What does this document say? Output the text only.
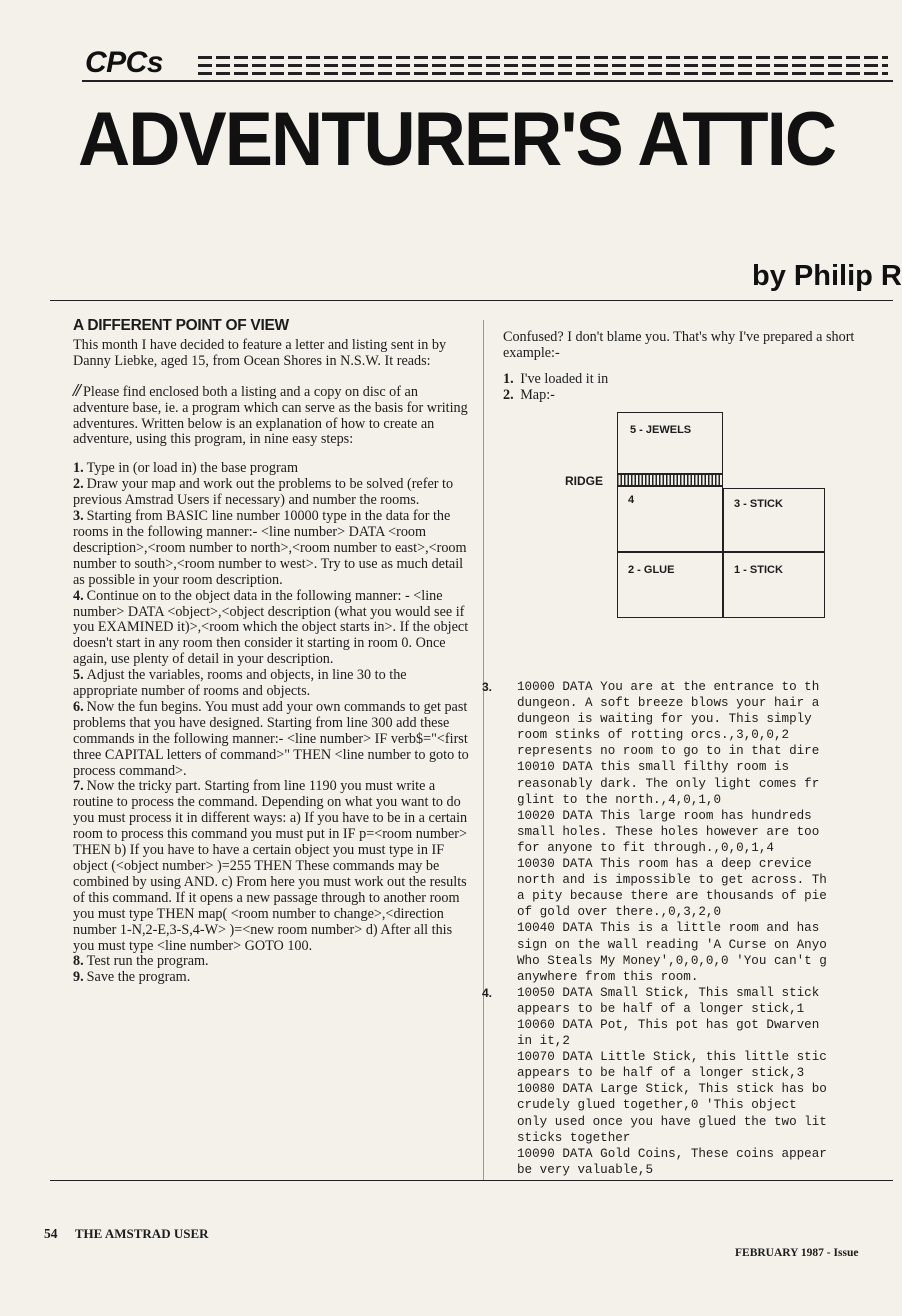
CPCs
ADVENTURER'S ATTIC
by Philip R
A DIFFERENT POINT OF VIEW

This month I have decided to feature a letter and listing sent in by Danny Liebke, aged 15, from Ocean Shores in N.S.W. It reads:

// Please find enclosed both a listing and a copy on disc of an adventure base, ie. a program which can serve as the basis for writing adventures. Written below is an explanation of how to create an adventure, using this program, in nine easy steps:

1. Type in (or load in) the base program
2. Draw your map and work out the problems to be solved (refer to previous Amstrad Users if necessary) and number the rooms.
3. Starting from BASIC line number 10000 type in the data for the rooms in the following manner:- <line number> DATA <room description>,<room number to north>,<room number to east>,<room number to south>,<room number to west>. Try to use as much detail as possible in your room description.
4. Continue on to the object data in the following manner: - <line number> DATA <object>,<object description (what you would see if you EXAMINED it)>,<room which the object starts in>. If the object doesn't start in any room then consider it starting in room 0. Once again, use plenty of detail in your description.
5. Adjust the variables, rooms and objects, in line 30 to the appropriate number of rooms and objects.
6. Now the fun begins. You must add your own commands to get past problems that you have designed. Starting from line 300 add these commands in the following manner:- <line number> IF verb$="<first three CAPITAL letters of command>" THEN <line number to goto to process command>.
7. Now the tricky part. Starting from line 1190 you must write a routine to process the command. Depending on what you want to do you must process it in different ways: a) If you have to be in a certain room to process this command you must put in IF p=<room number> THEN b) If you have to have a certain object you must type in IF object (<object number> )=255 THEN These commands may be combined by using AND. c) From here you must work out the results of this command. If it opens a new passage through to another room you must type THEN map( <room number to change>,<direction number 1-N,2-E,3-S,4-W> )=<new room number> d) After all this you must type <line number> GOTO 100.
8. Test run the program.
9. Save the program.

Confused? I don't blame you. That's why I've prepared a short example:-

1. I've loaded it in
2. Map:-
5 - JEWELS
RIDGE
4	3 - STICK
2 - GLUE	1 - STICK
3.	10000 DATA You are at the entrance to th
dungeon. A soft breeze blows your hair a
dungeon is waiting for you. This simply
room stinks of rotting orcs.,3,0,0,2
represents no room to go to in that dire
10010 DATA this small filthy room is
reasonably dark. The only light comes fr
glint to the north.,4,0,1,0
10020 DATA This large room has hundreds
small holes. These holes however are too
for anyone to fit through.,0,0,1,4
10030 DATA This room has a deep crevice
north and is impossible to get across. Th
a pity because there are thousands of pie
of gold over there.,0,3,2,0
10040 DATA This is a little room and has
sign on the wall reading 'A Curse on Anyo
Who Steals My Money',0,0,0,0 'You can't g
anywhere from this room.
4.	10050 DATA Small Stick, This small stick
appears to be half of a longer stick,1
10060 DATA Pot, This pot has got Dwarven
in it,2
10070 DATA Little Stick, this little stic
appears to be half of a longer stick,3
10080 DATA Large Stick, This stick has bo
crudely glued together,0 'This object
only used once you have glued the two lit
sticks together
10090 DATA Gold Coins, These coins appear
be very valuable,5
54 THE AMSTRAD USER
FEBRUARY 1987 - Issue
